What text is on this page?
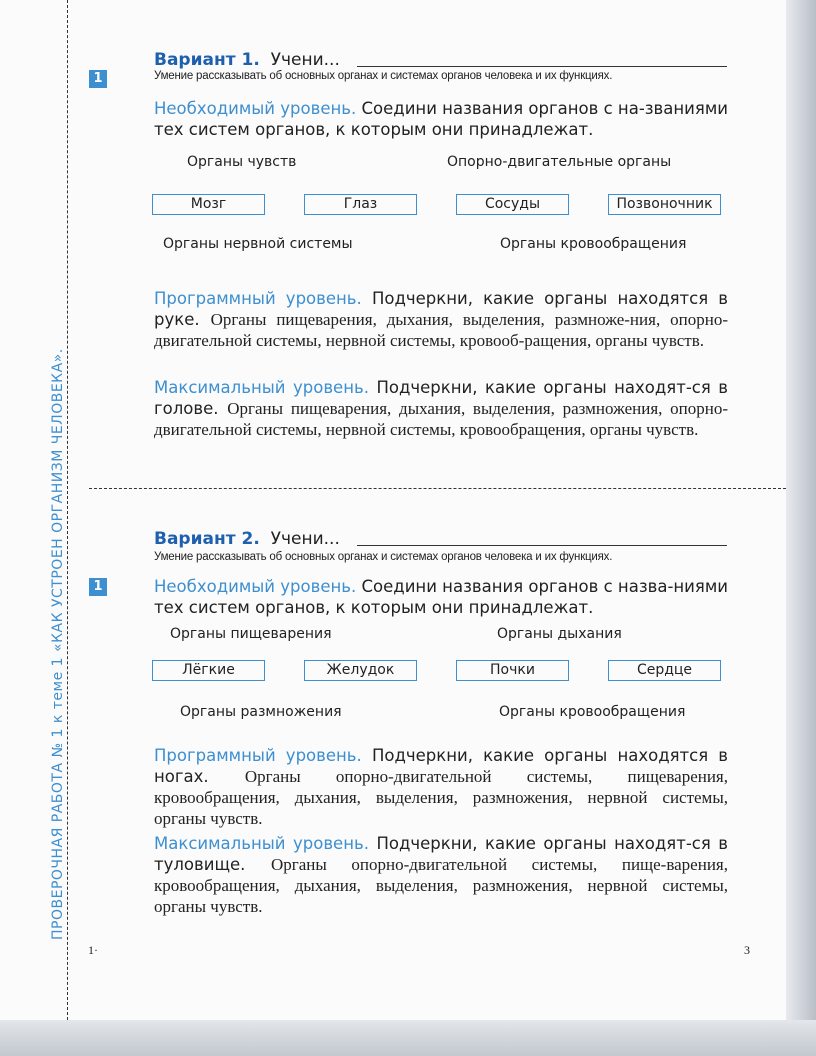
ПРОВЕРОЧНАЯ РАБОТА № 1 к теме 1 «КАК УСТРОЕН ОРГАНИЗМ ЧЕЛОВЕКА».
Вариант 1. Учени...
Умение рассказывать об основных органах и системах органов человека и их функциях.
1
Необходимый уровень. Соедини названия органов с на-званиями тех систем органов, к которым они принадлежат.
Органы чувств	Опорно-двигательные органы
Мозг	Глаз	Сосуды	Позвоночник
Органы нервной системы	Органы кровообращения
Программный уровень. Подчеркни, какие органы находятся в руке. Органы пищеварения, дыхания, выделения, размноже-ния, опорно-двигательной системы, нервной системы, кровооб-ращения, органы чувств.
Максимальный уровень. Подчеркни, какие органы находят-ся в голове. Органы пищеварения, дыхания, выделения, размножения, опорно-двигательной системы, нервной системы, кровообращения, органы чувств.
Вариант 2. Учени...
Умение рассказывать об основных органах и системах органов человека и их функциях.
1	Необходимый уровень. Соедини названия органов с назва-ниями тех систем органов, к которым они принадлежат.
Органы пищеварения	Органы дыхания
Лёгкие	Желудок	Почки	Сердце
Органы размножения	Органы кровообращения
Программный уровень. Подчеркни, какие органы находятся в ногах. Органы опорно-двигательной системы, пищеварения, кровообращения, дыхания, выделения, размножения, нервной системы, органы чувств.
Максимальный уровень. Подчеркни, какие органы находят-ся в туловище. Органы опорно-двигательной системы, пище-варения, кровообращения, дыхания, выделения, размножения, нервной системы, органы чувств.
1·	3
